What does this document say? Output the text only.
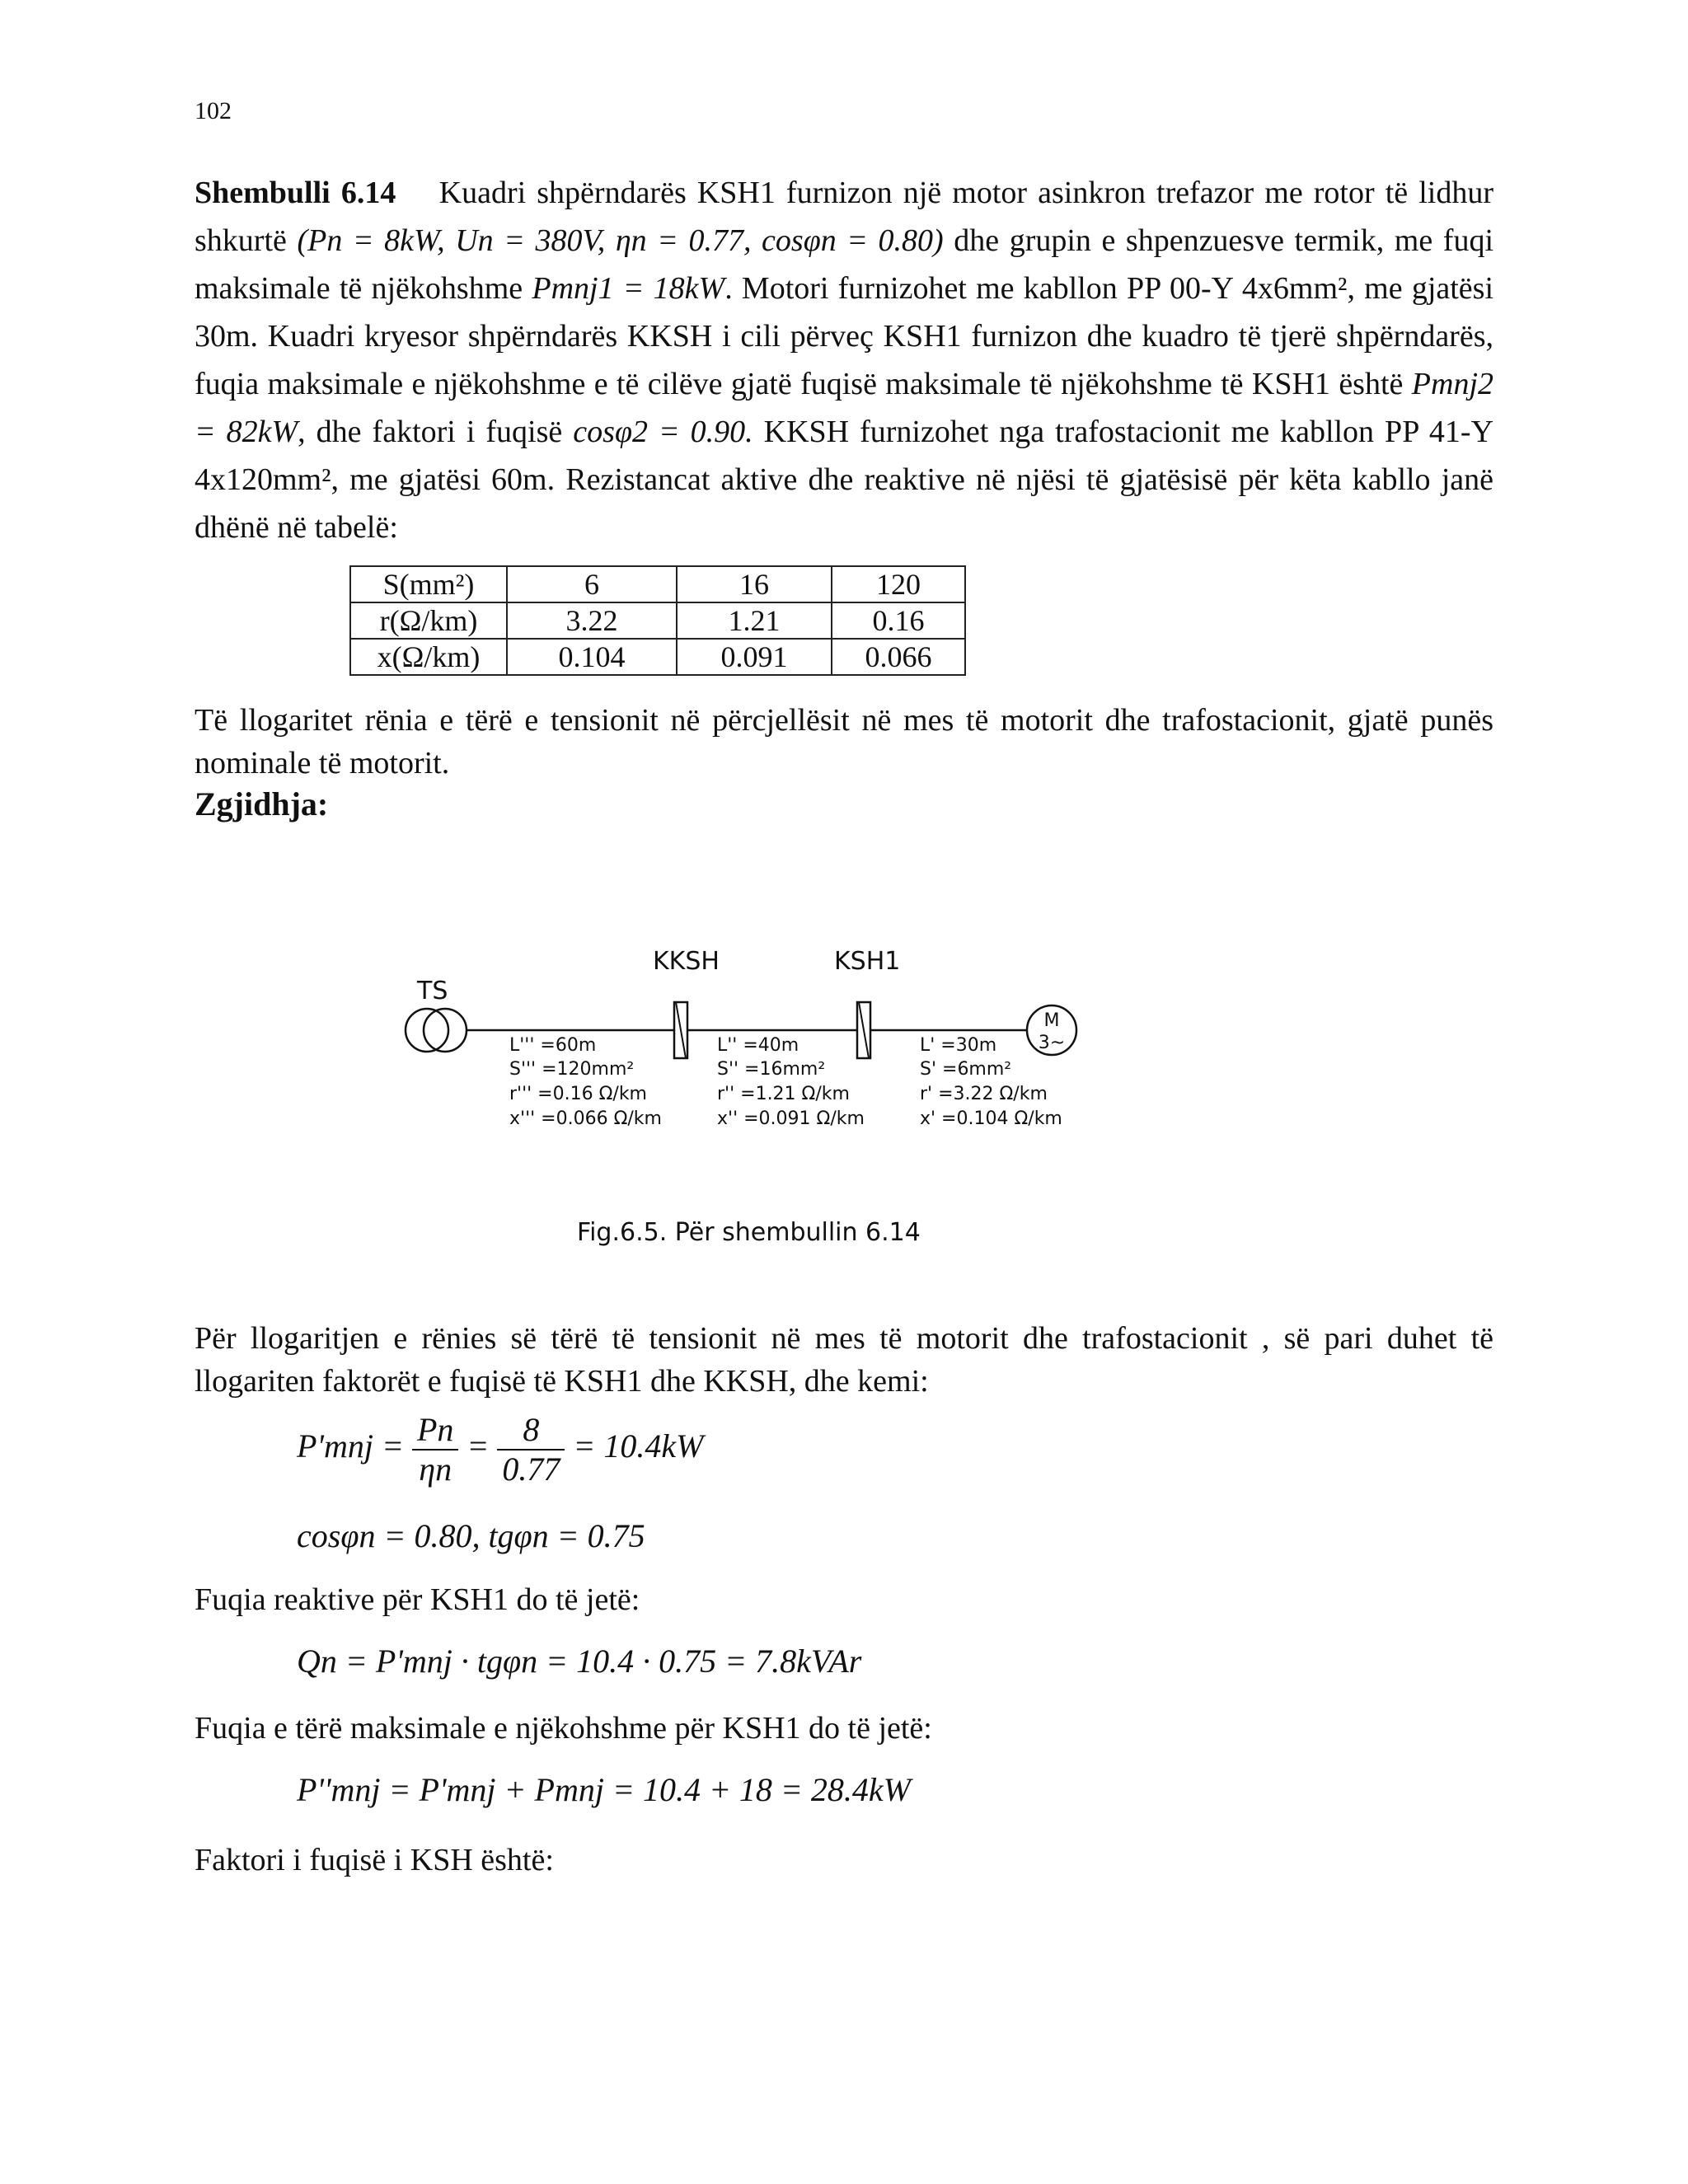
102
Shembulli 6.14 Kuadri shpërndarës KSH1 furnizon një motor asinkron trefazor me rotor të lidhur shkurtë (Pn = 8kW, Un = 380V, ηn = 0.77, cosφn = 0.80) dhe grupin e shpenzuesve termik, me fuqi maksimale të njëkohshme Pmnj1 = 18kW. Motori furnizohet me kabllon PP 00-Y 4x6mm², me gjatësi 30m. Kuadri kryesor shpërndarës KKSH i cili përveç KSH1 furnizon dhe kuadro të tjerë shpërndarës, fuqia maksimale e njëkohshme e të cilëve gjatë fuqisë maksimale të njëkohshme të KSH1 është Pmnj2 = 82kW, dhe faktori i fuqisë cosφ2 = 0.90. KKSH furnizohet nga trafostacionit me kabllon PP 41-Y 4x120mm², me gjatësi 60m. Rezistancat aktive dhe reaktive në njësi të gjatësisë për këta kabllo janë dhënë në tabelë:
S(mm²)	6	16	120
r(Ω/km)	3.22	1.21	0.16
x(Ω/km)	0.104	0.091	0.066
Të llogaritet rënia e tërë e tensionit në përcjellësit në mes të motorit dhe trafostacionit, gjatë punës nominale të motorit.
Zgjidhja:
TS
KKSH	KSH1
M
3~
L''' =60m
S''' =120mm²
r''' =0.16 Ω/km
x''' =0.066 Ω/km
L'' =40m
S'' =16mm²
r'' =1.21 Ω/km
x'' =0.091 Ω/km
L' =30m
S' =6mm²
r' =3.22 Ω/km
x' =0.104 Ω/km
Fig.6.5. Për shembullin 6.14
Për llogaritjen e rënies së tërë të tensionit në mes të motorit dhe trafostacionit , së pari duhet të llogariten faktorët e fuqisë të KSH1 dhe KKSH, dhe kemi:
$P'mnj = \frac{Pn}{\eta n} = \frac{8}{0.77} = 10.4kW$
cosφn = 0.80, tgφn = 0.75
Fuqia reaktive për KSH1 do të jetë:
Qn = P'mnj · tgφn = 10.4 · 0.75 = 7.8kVAr
Fuqia e tërë maksimale e njëkohshme për KSH1 do të jetë:
P''mnj = P'mnj + Pmnj = 10.4 + 18 = 28.4kW
Faktori i fuqisë i KSH është:
